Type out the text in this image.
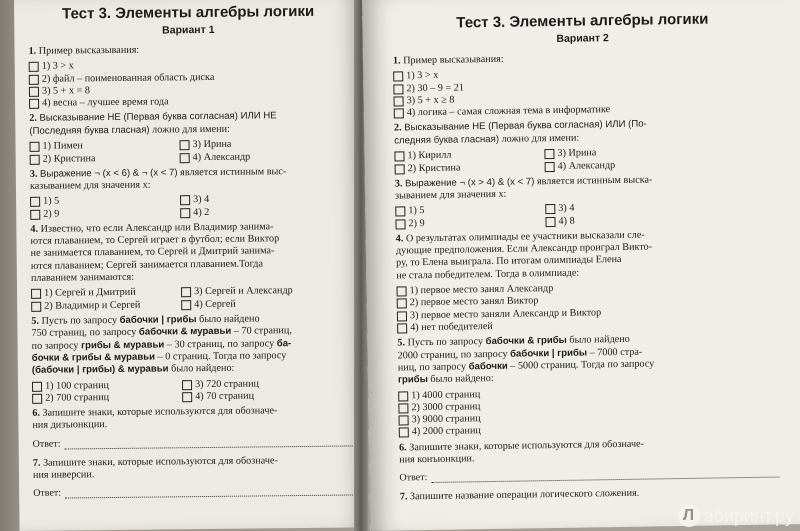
Тест 3. Элементы алгебры логики
Вариант 1
1. Пример высказывания:
1) 3 > x
2) файл – поименованная область диска
3) 5 + x = 8
4) весна – лучшее время года
2. Высказывание НЕ (Первая буква согласная) ИЛИ НЕ
(Последняя буква гласная) ложно для имени:
1) Пимен	3) Ирина
2) Кристина	4) Александр
3. Выражение ¬ (x < 6) & ¬ (x < 7) является истинным выс-
казыванием для значения x:
1) 5	3) 4
2) 9	4) 2
4. Известно, что если Александр или Владимир занима-
ются плаванием, то Сергей играет в футбол; если Виктор
не занимается плаванием, то Сергей и Дмитрий занима-
ются плаванием; Сергей занимается плаванием.Тогда
плаванием занимаются:
1) Сергей и Дмитрий	3) Сергей и Александр
2) Владимир и Сергей	4) Сергей
5. Пусть по запросу бабочки | грибы было найдено
750 страниц, по запросу бабочки & муравьи – 70 страниц,
по запросу грибы & муравьи – 30 страниц, по запросу ба-
бочки & грибы & муравьи – 0 страниц. Тогда по запросу
(бабочки | грибы) & муравьи было найдено:
1) 100 страниц	3) 720 страниц
2) 700 страниц	4) 70 страниц
6. Запишите знаки, которые используются для обозначе-
ния дизъюнкции.
Ответ:
7. Запишите знаки, которые используются для обозначе-
ния инверсии.
Ответ:
Тест 3. Элементы алгебры логики
Вариант 2
1. Пример высказывания:
1) 3 > x
2) 30 – 9 = 21
3) 5 + x ≥ 8
4) логика – самая сложная тема в информатике
2. Высказывание НЕ (Первая буква согласная) ИЛИ (По-
следняя буква гласная) ложно для имени:
1) Кирилл	3) Ирина
2) Кристина	4) Александр
3. Выражение ¬ (x > 4) & (x < 7) является истинным выска-
зыванием для значения x:
1) 5	3) 4
2) 9	4) 8
4. О результатах олимпиады ее участники высказали сле-
дующие предположения. Если Александр проиграл Викто-
ру, то Елена выиграла. По итогам олимпиады Елена
не стала победителем. Тогда в олимпиаде:
1) первое место занял Александр
2) первое место занял Виктор
3) первое место заняли Александр и Виктор
4) нет победителей
5. Пусть по запросу бабочки & грибы было найдено
2000 страниц, по запросу бабочки | грибы – 7000 стра-
ниц, по запросу бабочки – 5000 страниц. Тогда по запросу
грибы было найдено:
1) 4000 страниц
2) 3000 страниц
3) 9000 страниц
4) 2000 страниц
6. Запишите знаки, которые используются для обозначе-
ния конъюнкции.
Ответ:
7. Запишите название операции логического сложения.
Л абиринт.ру
